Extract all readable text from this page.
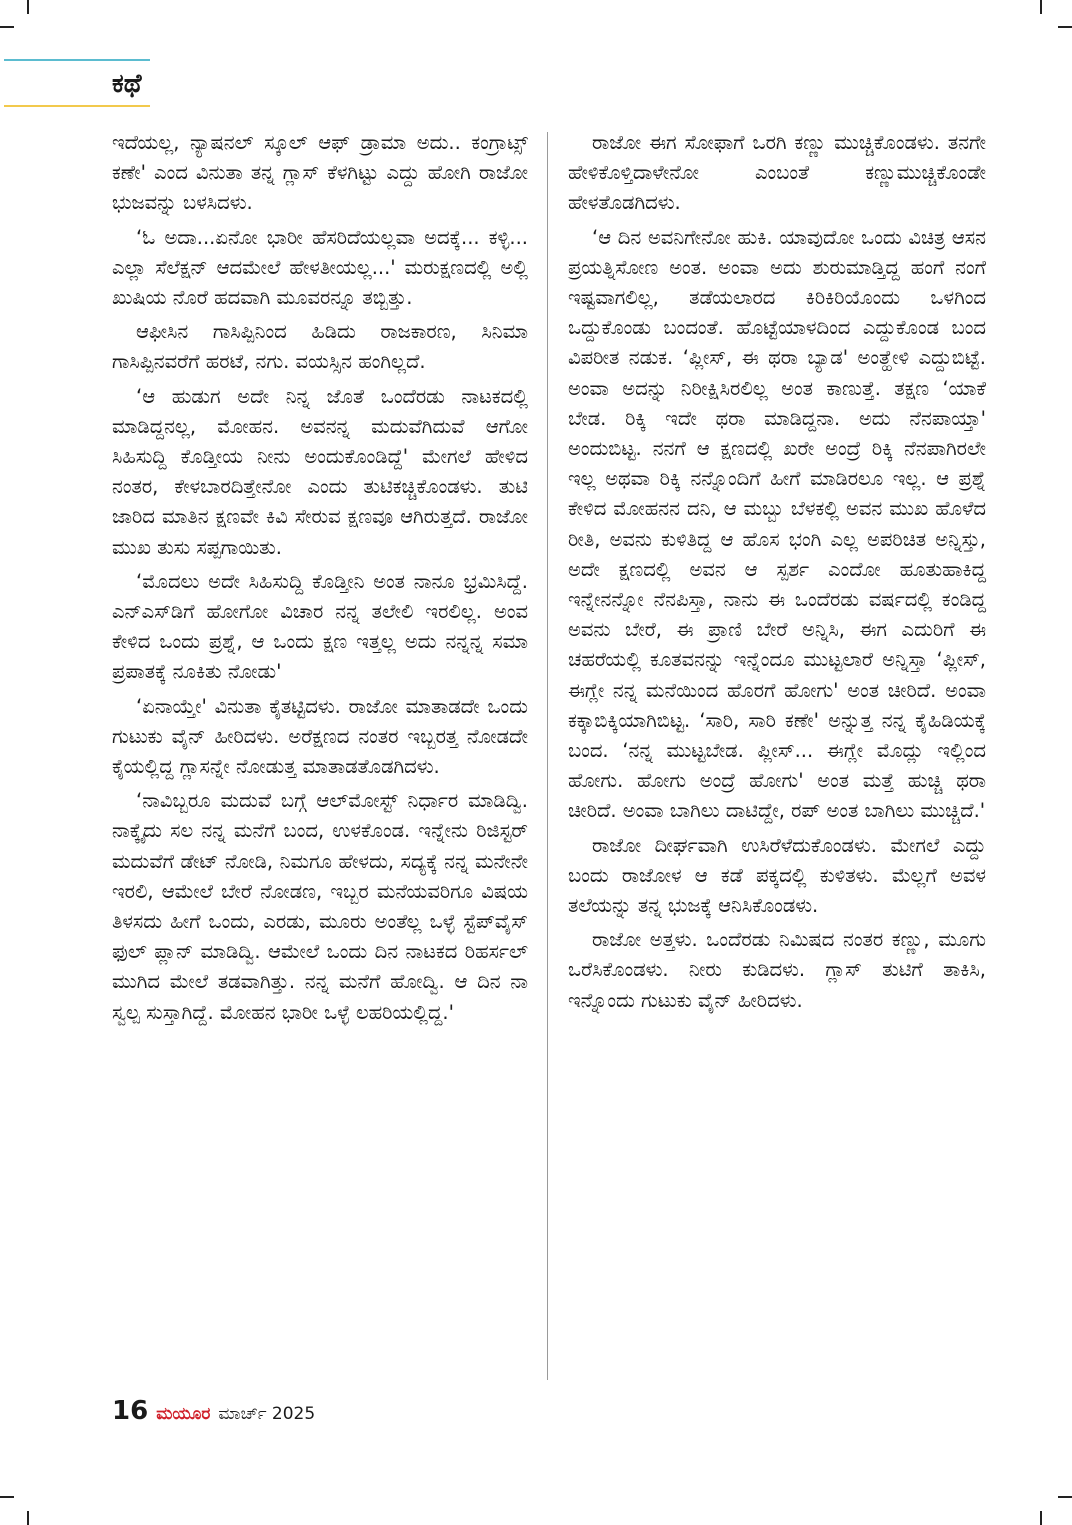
ಕಥೆ

ಇದೆಯಲ್ಲ, ನ್ಯಾಷನಲ್ ಸ್ಕೂಲ್ ಆಫ್ ಡ್ರಾಮಾ ಅದು.. ಕಂಗ್ರಾಟ್ಸ್ ಕಣೇ' ಎಂದ ವಿನುತಾ ತನ್ನ ಗ್ಲಾಸ್ ಕೆಳಗಿಟ್ಟು ಎದ್ದು ಹೋಗಿ ರಾಜೋ ಭುಜವನ್ನು ಬಳಸಿದಳು.

‘ಓ ಅದಾ...ಏನೋ ಭಾರೀ ಹೆಸರಿದೆಯಲ್ಲವಾ ಅದಕ್ಕೆ... ಕಳ್ಳಿ... ಎಲ್ಲಾ ಸೆಲೆಕ್ಷನ್ ಆದಮೇಲೆ ಹೇಳತೀಯಲ್ಲ...' ಮರುಕ್ಷಣದಲ್ಲಿ ಅಲ್ಲಿ ಖುಷಿಯ ನೊರೆ ಹದವಾಗಿ ಮೂವರನ್ನೂ ತಬ್ಬಿತ್ತು.

ಆಫೀಸಿನ ಗಾಸಿಪ್ಪಿನಿಂದ ಹಿಡಿದು ರಾಜಕಾರಣ, ಸಿನಿಮಾ ಗಾಸಿಪ್ಪಿನವರೆಗೆ ಹರಟೆ, ನಗು. ವಯಸ್ಸಿನ ಹಂಗಿಲ್ಲದೆ.

‘ಆ ಹುಡುಗ ಅದೇ ನಿನ್ನ ಜೊತೆ ಒಂದೆರಡು ನಾಟಕದಲ್ಲಿ ಮಾಡಿದ್ದನಲ್ಲ, ಮೋಹನ. ಅವನನ್ನ ಮದುವೆಗಿದುವೆ ಆಗೋ ಸಿಹಿಸುದ್ದಿ ಕೊಡ್ತೀಯ ನೀನು ಅಂದುಕೊಂಡಿದ್ದೆ' ಮೇಗಲೆ ಹೇಳಿದ ನಂತರ, ಕೇಳಬಾರದಿತ್ತೇನೋ ಎಂದು ತುಟಿಕಚ್ಚಿಕೊಂಡಳು. ತುಟಿ ಜಾರಿದ ಮಾತಿನ ಕ್ಷಣವೇ ಕಿವಿ ಸೇರುವ ಕ್ಷಣವೂ ಆಗಿರುತ್ತದೆ. ರಾಜೋ ಮುಖ ತುಸು ಸಪ್ಪಗಾಯಿತು.

‘ಮೊದಲು ಅದೇ ಸಿಹಿಸುದ್ದಿ ಕೊಡ್ತೀನಿ ಅಂತ ನಾನೂ ಭ್ರಮಿಸಿದ್ದೆ. ಎನ್‌ಎಸ್‌ಡಿಗೆ ಹೋಗೋ ವಿಚಾರ ನನ್ನ ತಲೇಲಿ ಇರಲಿಲ್ಲ. ಅಂವ ಕೇಳಿದ ಒಂದು ಪ್ರಶ್ನೆ, ಆ ಒಂದು ಕ್ಷಣ ಇತ್ತಲ್ಲ ಅದು ನನ್ನನ್ನ ಸಮಾ ಪ್ರಪಾತಕ್ಕೆ ನೂಕಿತು ನೋಡು'

‘ಏನಾಯ್ತೇ' ವಿನುತಾ ಕೈತಟ್ಟಿದಳು. ರಾಜೋ ಮಾತಾಡದೇ ಒಂದು ಗುಟುಕು ವೈನ್ ಹೀರಿದಳು. ಅರೆಕ್ಷಣದ ನಂತರ ಇಬ್ಬರತ್ತ ನೋಡದೇ ಕೈಯಲ್ಲಿದ್ದ ಗ್ಲಾಸನ್ನೇ ನೋಡುತ್ತ ಮಾತಾಡತೊಡಗಿದಳು.

‘ನಾವಿಬ್ಬರೂ ಮದುವೆ ಬಗ್ಗೆ ಆಲ್‌ಮೋಸ್ಟ್ ನಿರ್ಧಾರ ಮಾಡಿದ್ವಿ. ನಾಕ್ಕೈದು ಸಲ ನನ್ನ ಮನೆಗೆ ಬಂದ, ಉಳಕೊಂಡ. ಇನ್ನೇನು ರಿಜಿಸ್ಟರ್ ಮದುವೆಗೆ ಡೇಟ್ ನೋಡಿ, ನಿಮಗೂ ಹೇಳದು, ಸದ್ಯಕ್ಕೆ ನನ್ನ ಮನೇನೇ ಇರಲಿ, ಆಮೇಲೆ ಬೇರೆ ನೋಡಣ, ಇಬ್ಬರ ಮನೆಯವರಿಗೂ ವಿಷಯ ತಿಳಸದು ಹೀಗೆ ಒಂದು, ಎರಡು, ಮೂರು ಅಂತೆಲ್ಲ ಒಳ್ಳೆ ಸ್ಟೆಪ್‌ವೈಸ್ ಫುಲ್ ಪ್ಲಾನ್ ಮಾಡಿದ್ವಿ. ಆಮೇಲೆ ಒಂದು ದಿನ ನಾಟಕದ ರಿಹರ್ಸಲ್ ಮುಗಿದ ಮೇಲೆ ತಡವಾಗಿತ್ತು. ನನ್ನ ಮನೆಗೆ ಹೋದ್ವಿ. ಆ ದಿನ ನಾ ಸ್ವಲ್ಪ ಸುಸ್ತಾಗಿದ್ದೆ. ಮೋಹನ ಭಾರೀ ಒಳ್ಳೆ ಲಹರಿಯಲ್ಲಿದ್ದ.'

ರಾಜೋ ಈಗ ಸೋಫಾಗೆ ಒರಗಿ ಕಣ್ಣು ಮುಚ್ಚಿಕೊಂಡಳು. ತನಗೇ ಹೇಳಿಕೊಳ್ತಿದಾಳೇನೋ ಎಂಬಂತೆ ಕಣ್ಣುಮುಚ್ಚಿಕೊಂಡೇ ಹೇಳತೊಡಗಿದಳು.

‘ಆ ದಿನ ಅವನಿಗೇನೋ ಹುಕಿ. ಯಾವುದೋ ಒಂದು ವಿಚಿತ್ರ ಆಸನ ಪ್ರಯತ್ನಿಸೋಣ ಅಂತ. ಅಂವಾ ಅದು ಶುರುಮಾಡ್ತಿದ್ದ ಹಂಗೆ ನಂಗೆ ಇಷ್ಟವಾಗಲಿಲ್ಲ, ತಡೆಯಲಾರದ ಕಿರಿಕಿರಿಯೊಂದು ಒಳಗಿಂದ ಒದ್ದುಕೊಂಡು ಬಂದಂತೆ. ಹೊಟ್ಟೆಯಾಳದಿಂದ ಎದ್ದುಕೊಂಡ ಬಂದ ವಿಪರೀತ ನಡುಕ. ‘ಪ್ಲೀಸ್, ಈ ಥರಾ ಬ್ಯಾಡ' ಅಂತ್ಹೇಳಿ ಎದ್ದುಬಿಟ್ಟೆ. ಅಂವಾ ಅದನ್ನು ನಿರೀಕ್ಷಿಸಿರಲಿಲ್ಲ ಅಂತ ಕಾಣುತ್ತೆ. ತಕ್ಷಣ ‘ಯಾಕೆ ಬೇಡ. ರಿಕ್ಕಿ ಇದೇ ಥರಾ ಮಾಡಿದ್ದನಾ. ಅದು ನೆನಪಾಯ್ತಾ' ಅಂದುಬಿಟ್ಟ. ನನಗೆ ಆ ಕ್ಷಣದಲ್ಲಿ ಖರೇ ಅಂದ್ರೆ ರಿಕ್ಕಿ ನೆನಪಾಗಿರಲೇ ಇಲ್ಲ ಅಥವಾ ರಿಕ್ಕಿ ನನ್ನೊಂದಿಗೆ ಹೀಗೆ ಮಾಡಿರಲೂ ಇಲ್ಲ. ಆ ಪ್ರಶ್ನೆ ಕೇಳಿದ ಮೋಹನನ ದನಿ, ಆ ಮಬ್ಬು ಬೆಳಕಲ್ಲಿ ಅವನ ಮುಖ ಹೊಳೆದ ರೀತಿ, ಅವನು ಕುಳಿತಿದ್ದ ಆ ಹೊಸ ಭಂಗಿ ಎಲ್ಲ ಅಪರಿಚಿತ ಅನ್ನಿಸ್ತು, ಅದೇ ಕ್ಷಣದಲ್ಲಿ ಅವನ ಆ ಸ್ಪರ್ಶ ಎಂದೋ ಹೂತುಹಾಕಿದ್ದ ಇನ್ನೇನನ್ನೋ ನೆನಪಿಸ್ತಾ, ನಾನು ಈ ಒಂದೆರಡು ವರ್ಷದಲ್ಲಿ ಕಂಡಿದ್ದ ಅವನು ಬೇರೆ, ಈ ಪ್ರಾಣಿ ಬೇರೆ ಅನ್ನಿಸಿ, ಈಗ ಎದುರಿಗೆ ಈ ಚಹರೆಯಲ್ಲಿ ಕೂತವನನ್ನು ಇನ್ನೆಂದೂ ಮುಟ್ಟಲಾರೆ ಅನ್ನಿಸ್ತಾ ‘ಪ್ಲೀಸ್, ಈಗ್ಲೇ ನನ್ನ ಮನೆಯಿಂದ ಹೊರಗೆ ಹೋಗು' ಅಂತ ಚೀರಿದೆ. ಅಂವಾ ಕಕ್ಕಾಬಿಕ್ಕಿಯಾಗಿಬಿಟ್ಟ. ‘ಸಾರಿ, ಸಾರಿ ಕಣೇ' ಅನ್ನುತ್ತ ನನ್ನ ಕೈಹಿಡಿಯಕ್ಕೆ ಬಂದ. ‘ನನ್ನ ಮುಟ್ಟಬೇಡ. ಪ್ಲೀಸ್... ಈಗ್ಲೇ ಮೊದ್ಲು ಇಲ್ಲಿಂದ ಹೋಗು. ಹೋಗು ಅಂದ್ರೆ ಹೋಗು' ಅಂತ ಮತ್ತೆ ಹುಚ್ಚಿ ಥರಾ ಚೀರಿದೆ. ಅಂವಾ ಬಾಗಿಲು ದಾಟಿದ್ದೇ, ರಪ್ ಅಂತ ಬಾಗಿಲು ಮುಚ್ಚಿದೆ.'

ರಾಜೋ ದೀರ್ಘವಾಗಿ ಉಸಿರೆಳೆದುಕೊಂಡಳು. ಮೇಗಲೆ ಎದ್ದು ಬಂದು ರಾಜೋಳ ಆ ಕಡೆ ಪಕ್ಕದಲ್ಲಿ ಕುಳಿತಳು. ಮೆಲ್ಲಗೆ ಅವಳ ತಲೆಯನ್ನು ತನ್ನ ಭುಜಕ್ಕೆ ಆನಿಸಿಕೊಂಡಳು.

ರಾಜೋ ಅತ್ತಳು. ಒಂದೆರಡು ನಿಮಿಷದ ನಂತರ ಕಣ್ಣು, ಮೂಗು ಒರೆಸಿಕೊಂಡಳು. ನೀರು ಕುಡಿದಳು. ಗ್ಲಾಸ್ ತುಟಿಗೆ ತಾಕಿಸಿ, ಇನ್ನೊಂದು ಗುಟುಕು ವೈನ್ ಹೀರಿದಳು.

16 ಮಯೂರ ಮಾರ್ಚ್ 2025
